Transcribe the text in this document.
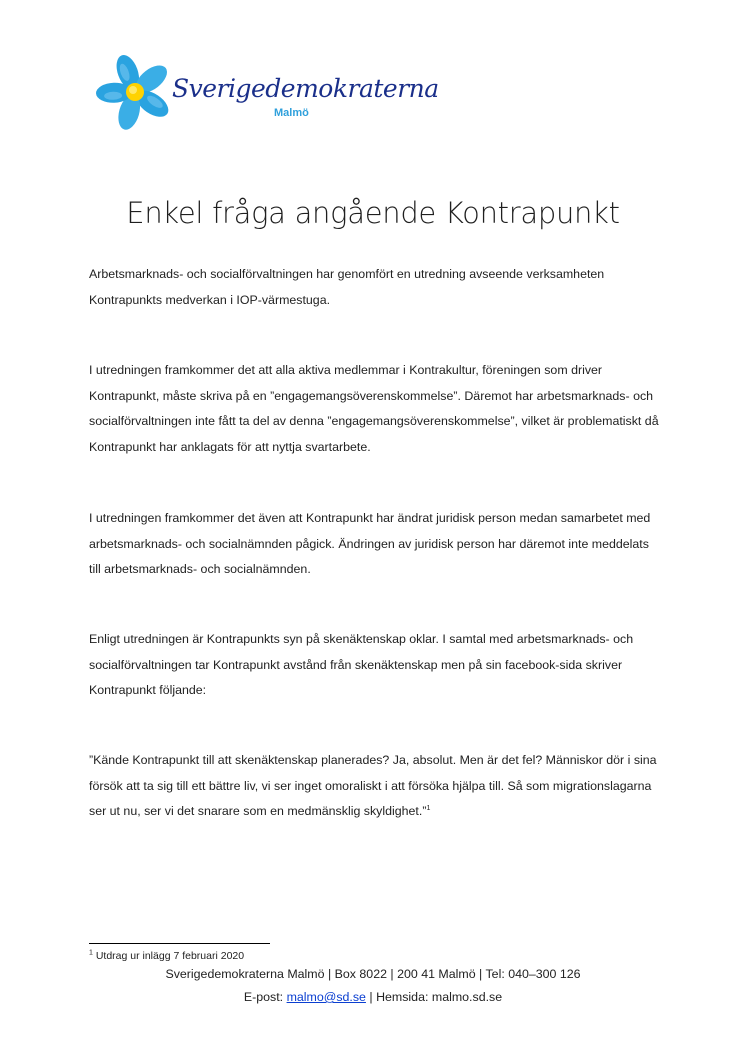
Sverigedemokraterna
Malmö
Enkel fråga angående Kontrapunkt

Arbetsmarknads- och socialförvaltningen har genomfört en utredning avseende verksamheten Kontrapunkts medverkan i IOP-värmestuga.

I utredningen framkommer det att alla aktiva medlemmar i Kontrakultur, föreningen som driver Kontrapunkt, måste skriva på en ”engagemangsöverenskommelse”. Däremot har arbetsmarknads- och socialförvaltningen inte fått ta del av denna ”engagemangsöverenskommelse”, vilket är problematiskt då Kontrapunkt har anklagats för att nyttja svartarbete.

I utredningen framkommer det även att Kontrapunkt har ändrat juridisk person medan samarbetet med arbetsmarknads- och socialnämnden pågick. Ändringen av juridisk person har däremot inte meddelats till arbetsmarknads- och socialnämnden.

Enligt utredningen är Kontrapunkts syn på skenäktenskap oklar. I samtal med arbetsmarknads- och socialförvaltningen tar Kontrapunkt avstånd från skenäktenskap men på sin facebook-sida skriver Kontrapunkt följande:

”Kände Kontrapunkt till att skenäktenskap planerades? Ja, absolut. Men är det fel? Människor dör i sina försök att ta sig till ett bättre liv, vi ser inget omoraliskt i att försöka hjälpa till. Så som migrationslagarna ser ut nu, ser vi det snarare som en medmänsklig skyldighet.”$^1$

$^1$ Utdrag ur inlägg 7 februari 2020
Sverigedemokraterna Malmö | Box 8022 | 200 41 Malmö | Tel: 040–300 126
E-post: malmo@sd.se | Hemsida: malmo.sd.se
